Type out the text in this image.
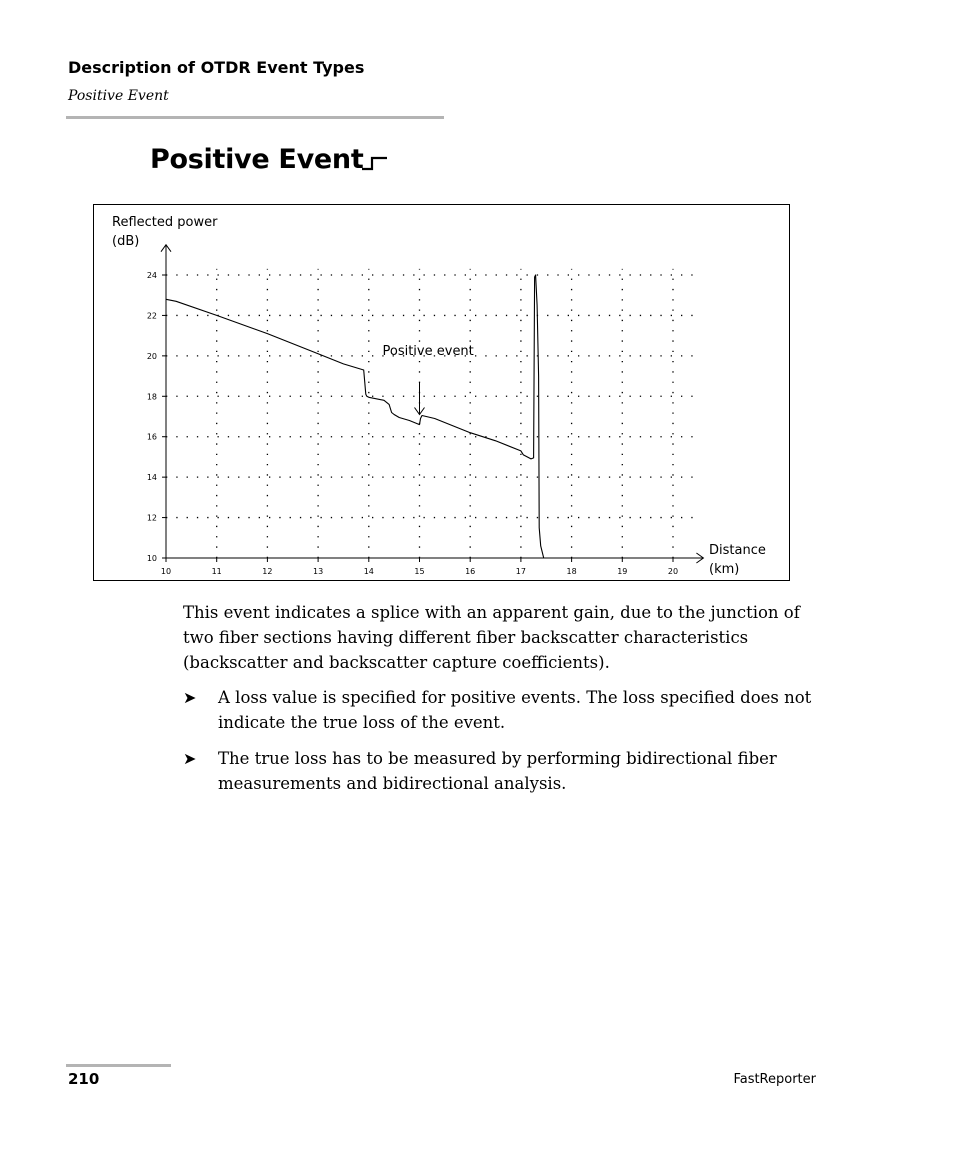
Description of OTDR Event Types
Positive Event
Positive Event
10	11	12	13	14	15	16	17	18	19	20
10
12
14
16
18
20
22
24
Positive event
Reflected power
(dB)
Distance
(km)
This event indicates a splice with an apparent gain, due to the junction of
two fiber sections having different fiber backscatter characteristics
(backscatter and backscatter capture coefficients).
➤ A loss value is specified for positive events. The loss specified does not
indicate the true loss of the event.
➤ The true loss has to be measured by performing bidirectional fiber
measurements and bidirectional analysis.
210	FastReporter
